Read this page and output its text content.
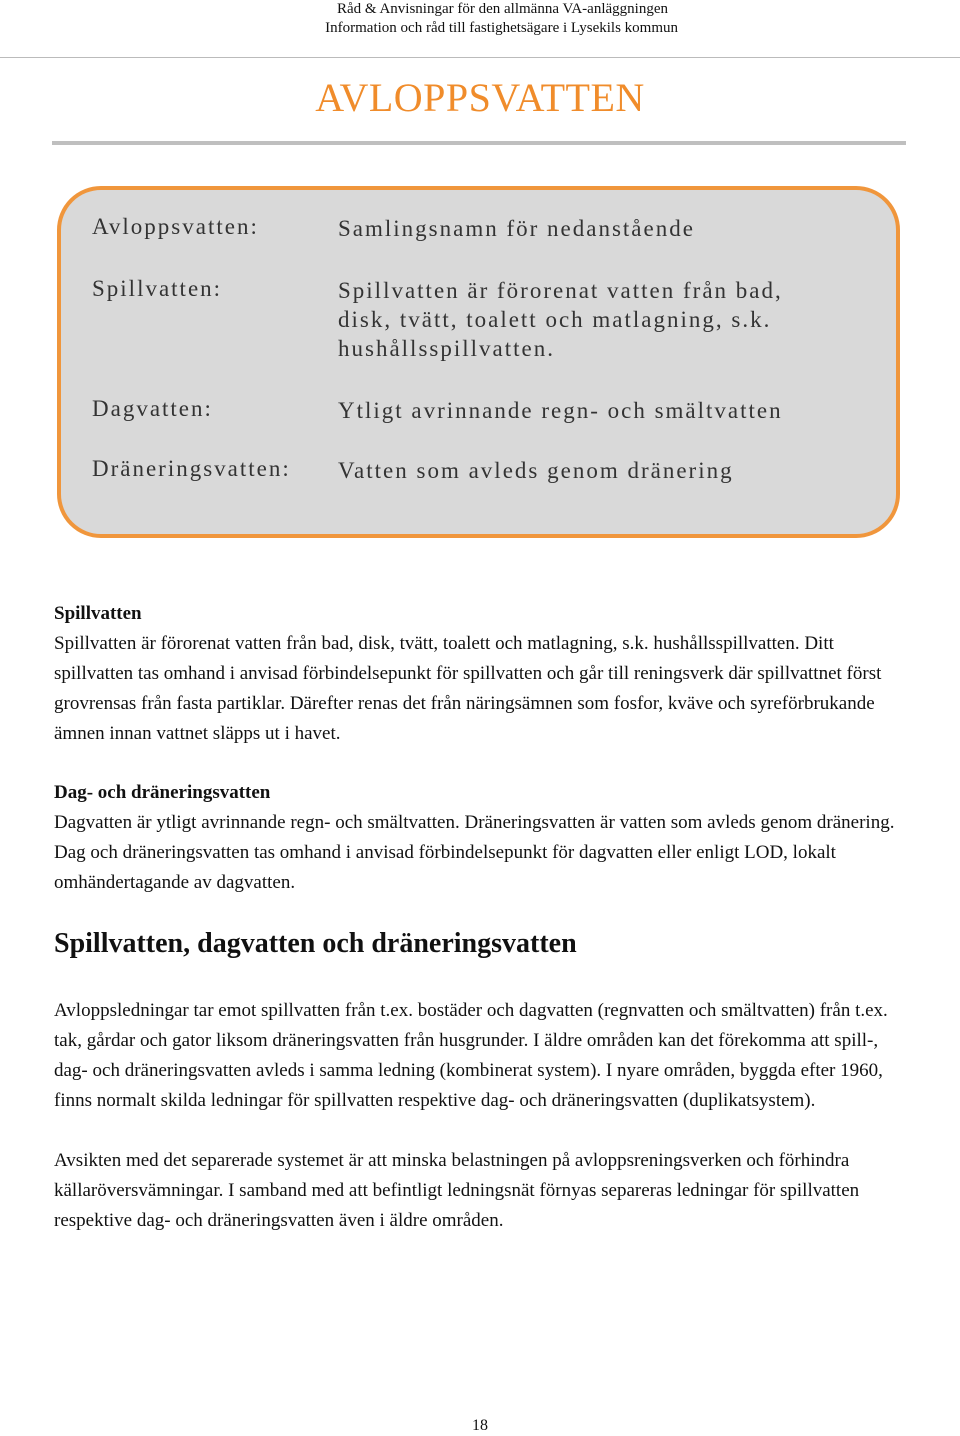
Råd & Anvisningar för den allmänna VA-anläggningen
Information och råd till fastighetsägare i Lysekils kommun
AVLOPPSVATTEN
Avloppsvatten:	Samlingsnamn för nedanstående
Spillvatten:	Spillvatten är förorenat vatten från bad, disk, tvätt, toalett och matlagning, s.k. hushållsspillvatten.
Dagvatten:	Ytligt avrinnande regn- och smältvatten
Dräneringsvatten: Vatten som avleds genom dränering
Spillvatten
Spillvatten är förorenat vatten från bad, disk, tvätt, toalett och matlagning, s.k. hushållsspillvatten. Ditt spillvatten tas omhand i anvisad förbindelsepunkt för spillvatten och går till reningsverk där spillvattnet först grovrensas från fasta partiklar. Därefter renas det från näringsämnen som fosfor, kväve och syreförbrukande ämnen innan vattnet släpps ut i havet.
Dag- och dräneringsvatten
Dagvatten är ytligt avrinnande regn- och smältvatten. Dräneringsvatten är vatten som avleds genom dränering. Dag och dräneringsvatten tas omhand i anvisad förbindelsepunkt för dagvatten eller enligt LOD, lokalt omhändertagande av dagvatten.
Spillvatten, dagvatten och dräneringsvatten
Avloppsledningar tar emot spillvatten från t.ex. bostäder och dagvatten (regnvatten och smältvatten) från t.ex. tak, gårdar och gator liksom dräneringsvatten från husgrunder. I äldre områden kan det förekomma att spill-, dag- och dräneringsvatten avleds i samma ledning (kombinerat system). I nyare områden, byggda efter 1960, finns normalt skilda ledningar för spillvatten respektive dag- och dräneringsvatten (duplikatsystem).
Avsikten med det separerade systemet är att minska belastningen på avloppsreningsverken och förhindra källaröversvämningar. I samband med att befintligt ledningsnät förnyas separeras ledningar för spillvatten respektive dag- och dräneringsvatten även i äldre områden.
18
